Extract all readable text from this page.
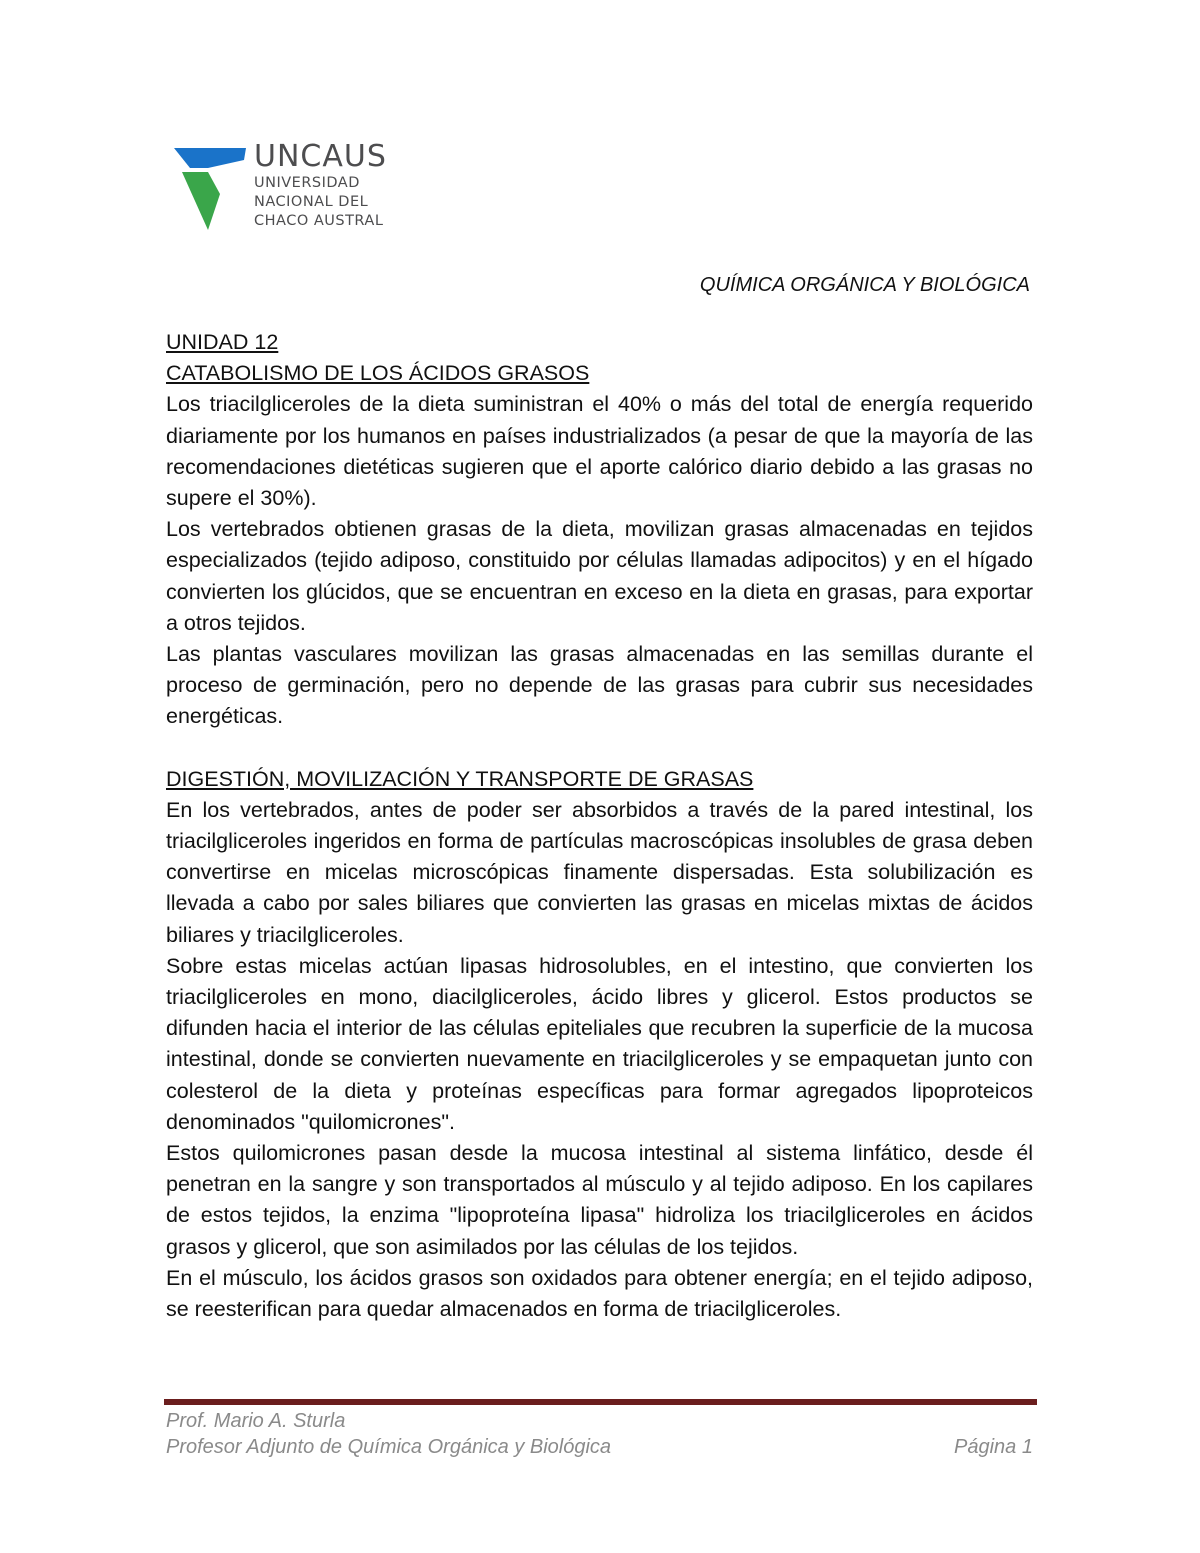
UNCAUS
UNIVERSIDAD
NACIONAL DEL
CHACO AUSTRAL
QUÍMICA ORGÁNICA Y BIOLÓGICA

UNIDAD 12

CATABOLISMO DE LOS ÁCIDOS GRASOS

Los triacilgliceroles de la dieta suministran el 40% o más del total de energía requerido diariamente por los humanos en países industrializados (a pesar de que la mayoría de las recomendaciones dietéticas sugieren que el aporte calórico diario debido a las grasas no supere el 30%).

Los vertebrados obtienen grasas de la dieta, movilizan grasas almacenadas en tejidos especializados (tejido adiposo, constituido por células llamadas adipocitos) y en el hígado convierten los glúcidos, que se encuentran en exceso en la dieta en grasas, para exportar a otros tejidos.

Las plantas vasculares movilizan las grasas almacenadas en las semillas durante el proceso de germinación, pero no depende de las grasas para cubrir sus necesidades energéticas.

DIGESTIÓN, MOVILIZACIÓN Y TRANSPORTE DE GRASAS

En los vertebrados, antes de poder ser absorbidos a través de la pared intestinal, los triacilgliceroles ingeridos en forma de partículas macroscópicas insolubles de grasa deben convertirse en micelas microscópicas finamente dispersadas. Esta solubilización es llevada a cabo por sales biliares que convierten las grasas en micelas mixtas de ácidos biliares y triacilgliceroles.

Sobre estas micelas actúan lipasas hidrosolubles, en el intestino, que convierten los triacilgliceroles en mono, diacilgliceroles, ácido libres y glicerol. Estos productos se difunden hacia el interior de las células epiteliales que recubren la superficie de la mucosa intestinal, donde se convierten nuevamente en triacilgliceroles y se empaquetan junto con colesterol de la dieta y proteínas específicas para formar agregados lipoproteicos denominados "quilomicrones".

Estos quilomicrones pasan desde la mucosa intestinal al sistema linfático, desde él penetran en la sangre y son transportados al músculo y al tejido adiposo. En los capilares de estos tejidos, la enzima "lipoproteína lipasa" hidroliza los triacilgliceroles en ácidos grasos y glicerol, que son asimilados por las células de los tejidos.

En el músculo, los ácidos grasos son oxidados para obtener energía; en el tejido adiposo, se reesterifican para quedar almacenados en forma de triacilgliceroles.

Prof. Mario A. Sturla
Profesor Adjunto de Química Orgánica y Biológica	Página 1
